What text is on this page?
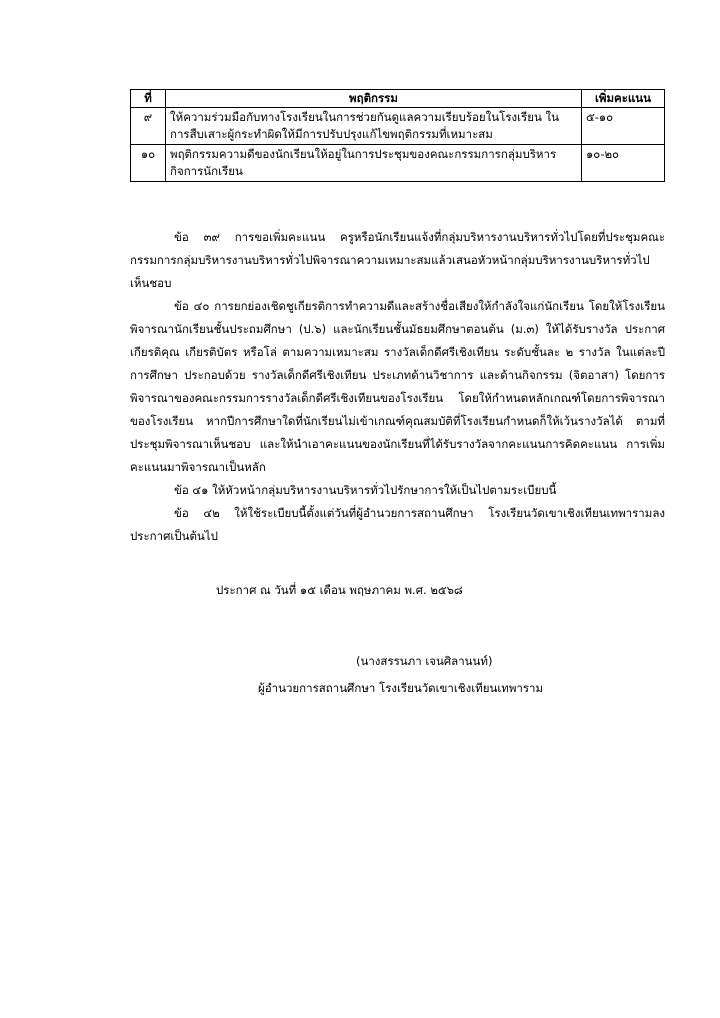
ที่	พฤติกรรม	เพิ่มคะแนน
๙	ให้ความร่วมมือกับทางโรงเรียนในการช่วยกันดูแลความเรียบร้อยในโรงเรียน ใน การสืบเสาะผู้กระทำผิดให้มีการปรับปรุงแก้ไขพฤติกรรมที่เหมาะสม	๕-๑๐
๑๐	พฤติกรรมความดีของนักเรียนให้อยู่ในการประชุมของคณะกรรมการกลุ่มบริหาร กิจการนักเรียน	๑๐-๒๐

ข้อ ๓๙ การขอเพิ่มคะแนน ครูหรือนักเรียนแจ้งที่กลุ่มบริหารงานบริหารทั่วไปโดยที่ประชุมคณะกรรมการกลุ่มบริหารงานบริหารทั่วไปพิจารณาความเหมาะสมแล้วเสนอหัวหน้ากลุ่มบริหารงานบริหารทั่วไป เห็นชอบ

ข้อ ๔๐ การยกย่องเชิดชูเกียรติการทำความดีและสร้างชื่อเสียงให้กำลังใจแก่นักเรียน โดยให้โรงเรียน พิจารณานักเรียนชั้นประถมศึกษา (ป.๖) และนักเรียนชั้นมัธยมศึกษาตอนต้น (ม.๓) ให้ได้รับรางวัล ประกาศเกียรติคุณ เกียรติบัตร หรือโล่ ตามความเหมาะสม รางวัลเด็กดีศรีเชิงเทียน ระดับชั้นละ ๒ รางวัล ในแต่ละปีการศึกษา ประกอบด้วย รางวัลเด็กดีศรีเชิงเทียน ประเภทด้านวิชาการ และด้านกิจกรรม (จิตอาสา) โดยการพิจารณาของคณะกรรมการรางวัลเด็กดีศรีเชิงเทียนของโรงเรียน โดยให้กำหนดหลักเกณฑ์โดยการพิจารณาของโรงเรียน หากปีการศึกษาใดที่นักเรียนไม่เข้าเกณฑ์คุณสมบัติที่โรงเรียนกำหนดก็ให้เว้นรางวัลได้ ตามที่ประชุมพิจารณาเห็นชอบ และให้นำเอาคะแนนของนักเรียนที่ได้รับรางวัลจากคะแนนการคิดคะแนน การเพิ่มคะแนนมาพิจารณาเป็นหลัก

ข้อ ๔๑ ให้หัวหน้ากลุ่มบริหารงานบริหารทั่วไปรักษาการให้เป็นไปตามระเบียบนี้

ข้อ ๔๒ ให้ใช้ระเบียบนี้ตั้งแต่วันที่ผู้อำนวยการสถานศึกษา โรงเรียนวัดเขาเชิงเทียนเทพารามลงประกาศเป็นต้นไป

ประกาศ ณ วันที่ ๑๕ เดือน พฤษภาคม พ.ศ. ๒๕๖๘
(นางสรรนภา เจนศิลานนท์)
ผู้อำนวยการสถานศึกษา โรงเรียนวัดเขาเชิงเทียนเทพาราม
